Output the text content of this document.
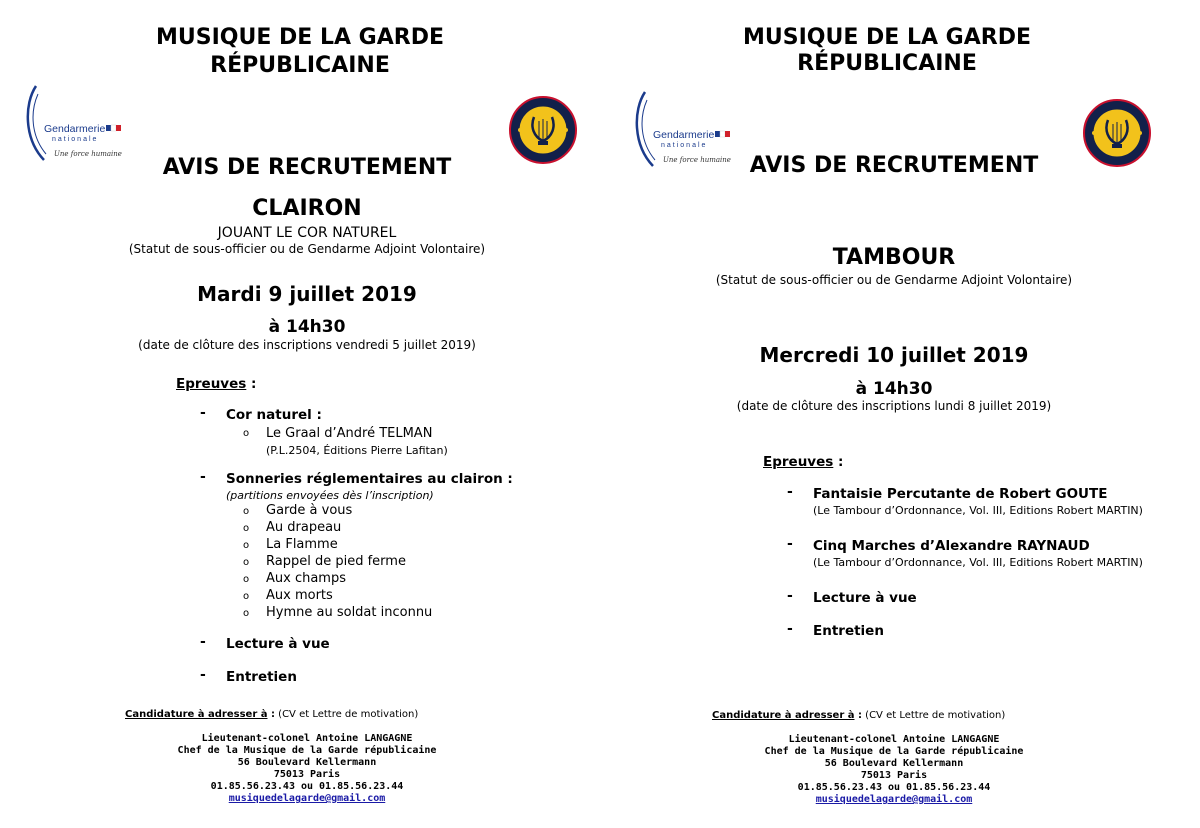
MUSIQUE DE LA GARDE
RÉPUBLICAINE
Gendarmerie
nationale
Une force humaine
AVIS DE RECRUTEMENT
CLAIRON
JOUANT LE COR NATUREL
(Statut de sous-officier ou de Gendarme Adjoint Volontaire)
Mardi 9 juillet 2019
à 14h30
(date de clôture des inscriptions vendredi 5 juillet 2019)
Epreuves :
- Cor naturel :
o Le Graal d’André TELMAN
(P.L.2504, Éditions Pierre Lafitan)
- Sonneries réglementaires au clairon :
(partitions envoyées dès l’inscription)
o Garde à vous
o Au drapeau
o La Flamme
o Rappel de pied ferme
o Aux champs
o Aux morts
o Hymne au soldat inconnu
- Lecture à vue
- Entretien
Candidature à adresser à : (CV et Lettre de motivation)
Lieutenant-colonel Antoine LANGAGNE
Chef de la Musique de la Garde républicaine
56 Boulevard Kellermann
75013 Paris
01.85.56.23.43 ou 01.85.56.23.44
musiquedelagarde@gmail.com
MUSIQUE DE LA GARDE
RÉPUBLICAINE
Gendarmerie
nationale
Une force humaine AVIS DE RECRUTEMENT
TAMBOUR
(Statut de sous-officier ou de Gendarme Adjoint Volontaire)
Mercredi 10 juillet 2019
à 14h30
(date de clôture des inscriptions lundi 8 juillet 2019)
Epreuves :
- Fantaisie Percutante de Robert GOUTE
(Le Tambour d’Ordonnance, Vol. III, Editions Robert MARTIN)
- Cinq Marches d’Alexandre RAYNAUD
(Le Tambour d’Ordonnance, Vol. III, Editions Robert MARTIN)
- Lecture à vue
- Entretien
Candidature à adresser à : (CV et Lettre de motivation)
Lieutenant-colonel Antoine LANGAGNE
Chef de la Musique de la Garde républicaine
56 Boulevard Kellermann
75013 Paris
01.85.56.23.43 ou 01.85.56.23.44
musiquedelagarde@gmail.com
